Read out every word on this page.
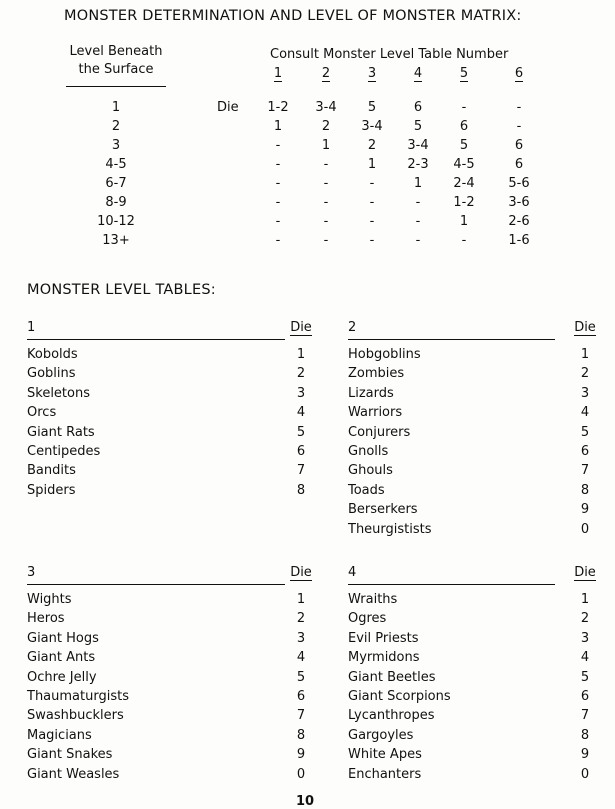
MONSTER DETERMINATION AND LEVEL OF MONSTER MATRIX:
Level Beneath
the Surface
Consult Monster Level Table Number
1	2	3	4	5	6
1	Die	1-2	3-4	5	6	-	-
2	1	2	3-4	5	6	-
3	-	1	2	3-4	5	6
4-5	-	-	1	2-3	4-5	6
6-7	-	-	-	1	2-4	5-6
8-9	-	-	-	-	1-2	3-6
10-12	-	-	-	-	1	2-6
13+	-	-	-	-	-	1-6
MONSTER LEVEL TABLES:
1	Die
Kobolds	1
Goblins	2
Skeletons	3
Orcs	4
Giant Rats	5
Centipedes	6
Bandits	7
Spiders	8
2	Die
Hobgoblins	1
Zombies	2
Lizards	3
Warriors	4
Conjurers	5
Gnolls	6
Ghouls	7
Toads	8
Berserkers	9
Theurgistists	0
3	Die
Wights	1
Heros	2
Giant Hogs	3
Giant Ants	4
Ochre Jelly	5
Thaumaturgists	6
Swashbucklers	7
Magicians	8
Giant Snakes	9
Giant Weasles	0
4	Die
Wraiths	1
Ogres	2
Evil Priests	3
Myrmidons	4
Giant Beetles	5
Giant Scorpions	6
Lycanthropes	7
Gargoyles	8
White Apes	9
Enchanters	0
10
